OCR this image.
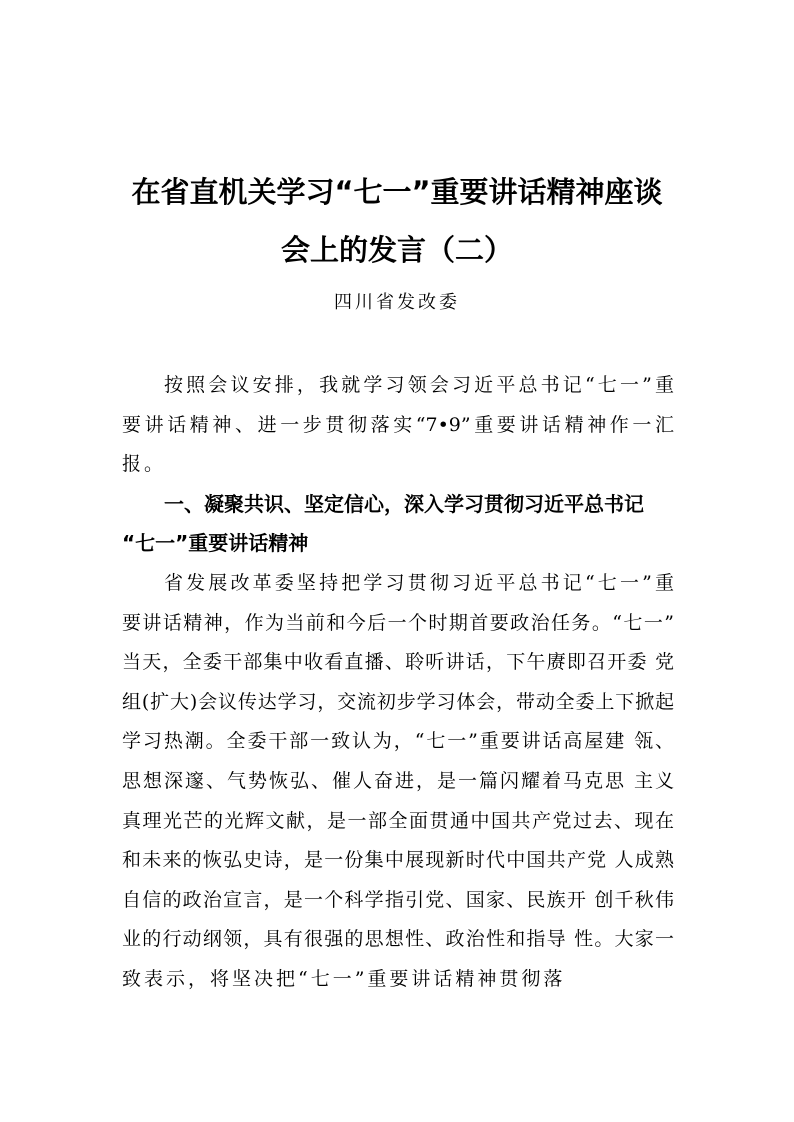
在省直机关学习“七一”重要讲话精神座谈
会上的发言（二）
四川省发改委
按照会议安排，我就学习领会习近平总书记“七一”重
要讲话精神、进一步贯彻落实“7•9”重要讲话精神作一汇
报。
一、凝聚共识、坚定信心，深入学习贯彻习近平总书记
“七一”重要讲话精神
省发展改革委坚持把学习贯彻习近平总书记“七一”重
要讲话精神，作为当前和今后一个时期首要政治任务。“七一”
当天，全委干部集中收看直播、聆听讲话，下午赓即召开委 党
组(扩大)会议传达学习，交流初步学习体会，带动全委上下掀起
学习热潮。全委干部一致认为，“七一”重要讲话高屋建 瓴、
思想深邃、气势恢弘、催人奋进，是一篇闪耀着马克思 主义
真理光芒的光辉文献，是一部全面贯通中国共产党过去、现在
和未来的恢弘史诗，是一份集中展现新时代中国共产党 人成熟
自信的政治宣言，是一个科学指引党、国家、民族开 创千秋伟
业的行动纲领，具有很强的思想性、政治性和指导 性。大家一
致表示，将坚决把“七一”重要讲话精神贯彻落
